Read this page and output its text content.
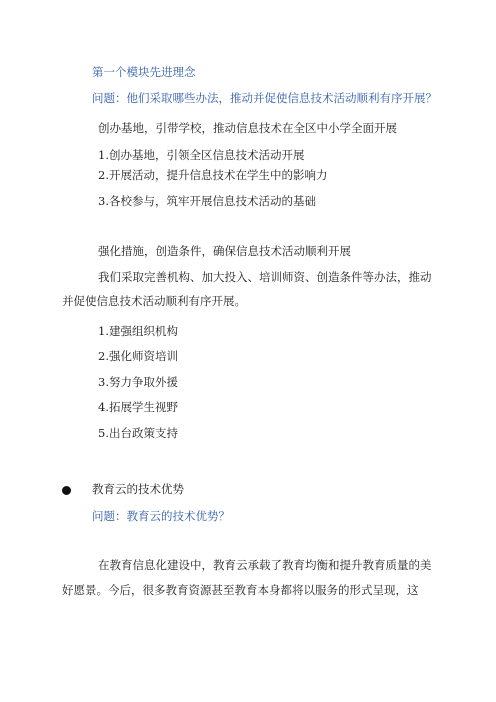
第一个模块先进理念
问题：他们采取哪些办法，推动并促使信息技术活动顺利有序开展？
创办基地，引带学校，推动信息技术在全区中小学全面开展
1.创办基地，引领全区信息技术活动开展
2.开展活动，提升信息技术在学生中的影响力
3.各校参与，筑牢开展信息技术活动的基础
强化措施，创造条件，确保信息技术活动顺利开展
我们采取完善机构、加大投入、培训师资、创造条件等办法，推动
并促使信息技术活动顺利有序开展。
1.建强组织机构
2.强化师资培训
3.努力争取外援
4.拓展学生视野
5.出台政策支持
教育云的技术优势
问题：教育云的技术优势？
在教育信息化建设中，教育云承载了教育均衡和提升教育质量的美
好愿景。今后，很多教育资源甚至教育本身都将以服务的形式呈现，这
